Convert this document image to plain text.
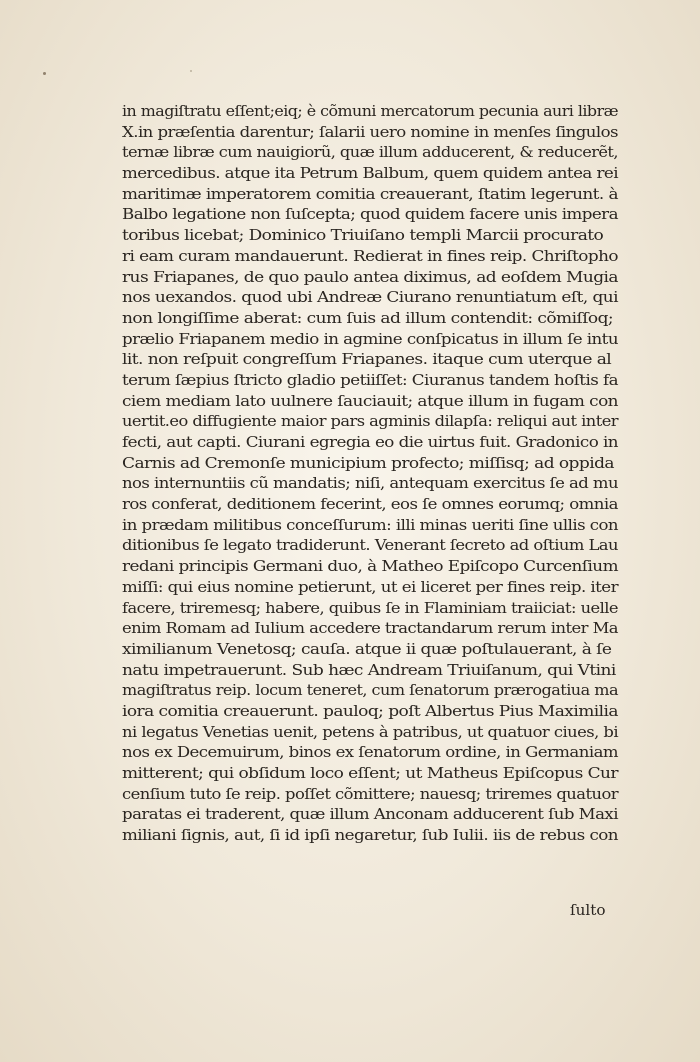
in magiſtratu eſſent;eiq; è cõmuni mercatorum pecunia auri libræ
X.in præſentia darentur; ſalarii uero nomine in menſes ſingulos
ternæ libræ cum nauigiorũ, quæ illum adducerent, & reducerẽt,
mercedibus. atque ita Petrum Balbum, quem quidem antea rei
maritimæ imperatorem comitia creauerant, ſtatim legerunt. à
Balbo legatione non ſuſcepta; quod quidem facere unis impera
toribus licebat; Dominico Triuiſano templi Marcii procurato
ri eam curam mandauerunt. Redierat in fines reip. Chriſtopho
rus Friapanes, de quo paulo antea diximus, ad eoſdem Mugia
nos uexandos. quod ubi Andreæ Ciurano renuntiatum eſt, qui
non longiſſime aberat: cum ſuis ad illum contendit: cõmiſſoq;
prælio Friapanem medio in agmine conſpicatus in illum ſe intu
lit. non reſpuit congreſſum Friapanes. itaque cum uterque al
terum ſæpius ſtricto gladio petiiſſet: Ciuranus tandem hoſtis fa
ciem mediam lato uulnere ſauciauit; atque illum in fugam con
uertit.eo diffugiente maior pars agminis dilapſa: reliqui aut inter
fecti, aut capti. Ciurani egregia eo die uirtus fuit. Gradonico in
Carnis ad Cremonſe municipium profecto; miſſisq; ad oppida
nos internuntiis cũ mandatis; niſi, antequam exercitus ſe ad mu
ros conferat, deditionem fecerint, eos ſe omnes eorumq; omnia
in prædam militibus conceſſurum: illi minas ueriti ſine ullis con
ditionibus ſe legato tradiderunt. Venerant ſecreto ad oſtium Lau
redani principis Germani duo, à Matheo Epiſcopo Curcenſium
miſſi: qui eius nomine petierunt, ut ei liceret per fines reip. iter
facere, triremesq; habere, quibus ſe in Flaminiam traiiciat: uelle
enim Romam ad Iulium accedere tractandarum rerum inter Ma
ximilianum Venetosq; cauſa. atque ii quæ poſtulauerant, à ſe
natu impetrauerunt. Sub hæc Andream Triuiſanum, qui Vtini
magiſtratus reip. locum teneret, cum ſenatorum prærogatiua ma
iora comitia creauerunt. pauloq; poſt Albertus Pius Maximilia
ni legatus Venetias uenit, petens à patribus, ut quatuor ciues, bi
nos ex Decemuirum, binos ex ſenatorum ordine, in Germaniam
mitterent; qui obſidum loco eſſent; ut Matheus Epiſcopus Cur
cenſium tuto ſe reip. poſſet cõmittere; nauesq; triremes quatuor
paratas ei traderent, quæ illum Anconam adducerent ſub Maxi
miliani ſignis, aut, ſi id ipſi negaretur, ſub Iulii. iis de rebus con
ſulto
